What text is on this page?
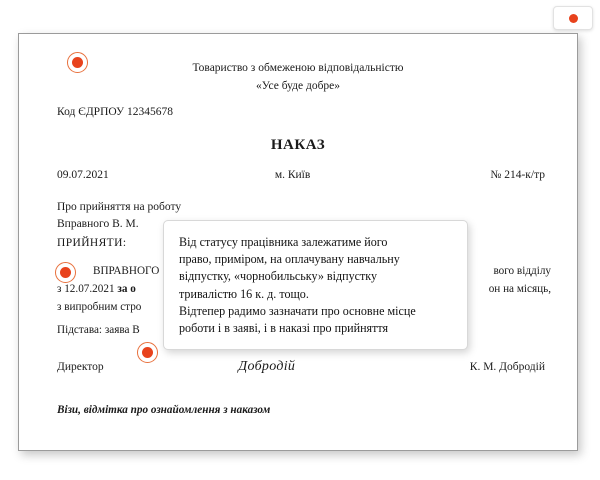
Товариство з обмеженою відповідальністю
«Усе буде добре»
Код ЄДРПОУ 12345678
НАКАЗ
09.07.2021	м. Київ	№ 214-к/тр
Про прийняття на роботу
Вправного В. М.
ПРИЙНЯТИ:
ВПРАВНОГО	вого відділу
з 12.07.2021 за о	он на місяць,
з випробним стро
Підстава: заява В
Директор	Добродій	К. М. Добродій
Візи, відмітка про ознайомлення з наказом

Від статусу працівника залежатиме його

право, приміром, на оплачувану навчальну

відпустку, «чорнобильську» відпустку

тривалістю 16 к. д. тощо.

Відтепер радимо зазначати про основне місце

роботи і в заяві, і в наказі про прийняття
